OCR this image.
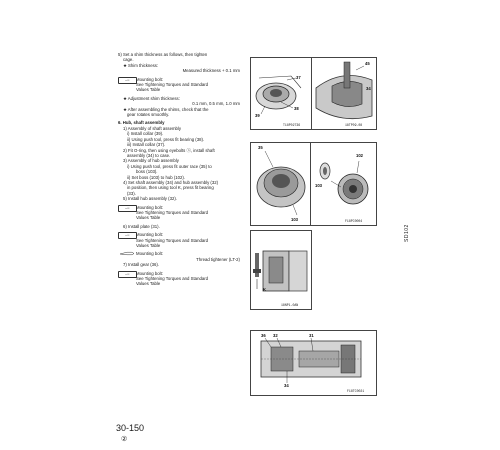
5) Set a shim thickness as follows, then tighten
cage.
★ Shim thickness:
Measured thickness + 0.1 mm
⌐═	Mounting bolt:
See Tightening Torques and Standard
Values Table
★ Adjustment shim thickness:
0.1 mm, 0.5 mm, 1.0 mm
★ After assembling the shims, check that the
gear rotates smoothly.
6. Hub, shaft assembly
1) Assembly of shaft assembly
i) Install collar (39).
ii) Using push tool, press fit bearing (38).
iii) Install collar (37).
2) Fit O-ring, then using eyebolts ⓐ, install shaft
assembly (34) to case.
3) Assembly of hub assembly
i) Using push tool, press fit outer race (35) to
boss (103).
ii) Set boss (103) to hub (102).
4) Set shaft assembly (34) and hub assembly (32)
in position, then using tool K, press fit bearing
(33).
5) Install hub assembly (32).
⌐═	Mounting bolt:
See Tightening Torques and Standard
Values Table
6) Install plate (31).
⌐═	Mounting bolt:
See Tightening Torques and Standard
Values Table
Mounting bolt:
Thread tightener (LT-2)
7) Install gear (36).
⌐═	Mounting bolt:
See Tightening Torques and Standard
Values Table
37
38
39
T18P02736
45
34
18TP09-08
35
103
102
103
F18PC0004
K
18NP1-0AN
36 32	31
34
F18TC0021
30-150
②
SD102
